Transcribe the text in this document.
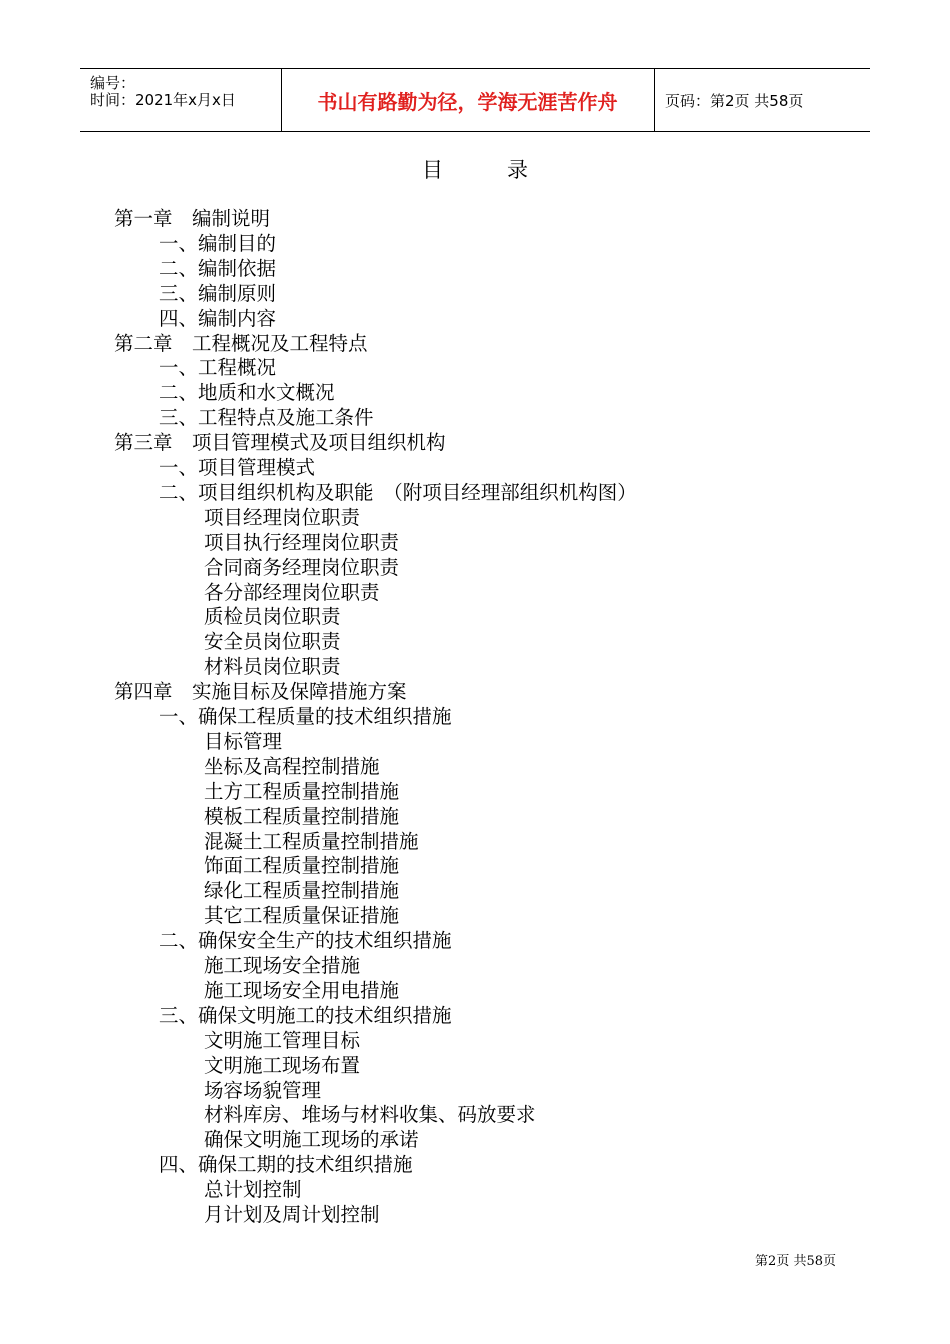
编号：
时间：2021年x月x日	书山有路勤为径，学海无涯苦作舟	页码：第2页 共58页
目	录
第一章　编制说明
一、编制目的
二、编制依据
三、编制原则
四、编制内容
第二章　工程概况及工程特点
一、工程概况
二、地质和水文概况
三、工程特点及施工条件
第三章　项目管理模式及项目组织机构
一、项目管理模式
二、项目组织机构及职能　（附项目经理部组织机构图）
项目经理岗位职责
项目执行经理岗位职责
合同商务经理岗位职责
各分部经理岗位职责
质检员岗位职责
安全员岗位职责
材料员岗位职责
第四章　实施目标及保障措施方案
一、确保工程质量的技术组织措施
目标管理
坐标及高程控制措施
土方工程质量控制措施
模板工程质量控制措施
混凝土工程质量控制措施
饰面工程质量控制措施
绿化工程质量控制措施
其它工程质量保证措施
二、确保安全生产的技术组织措施
施工现场安全措施
施工现场安全用电措施
三、确保文明施工的技术组织措施
文明施工管理目标
文明施工现场布置
场容场貌管理
材料库房、堆场与材料收集、码放要求
确保文明施工现场的承诺
四、确保工期的技术组织措施
总计划控制
月计划及周计划控制
第2页 共58页
